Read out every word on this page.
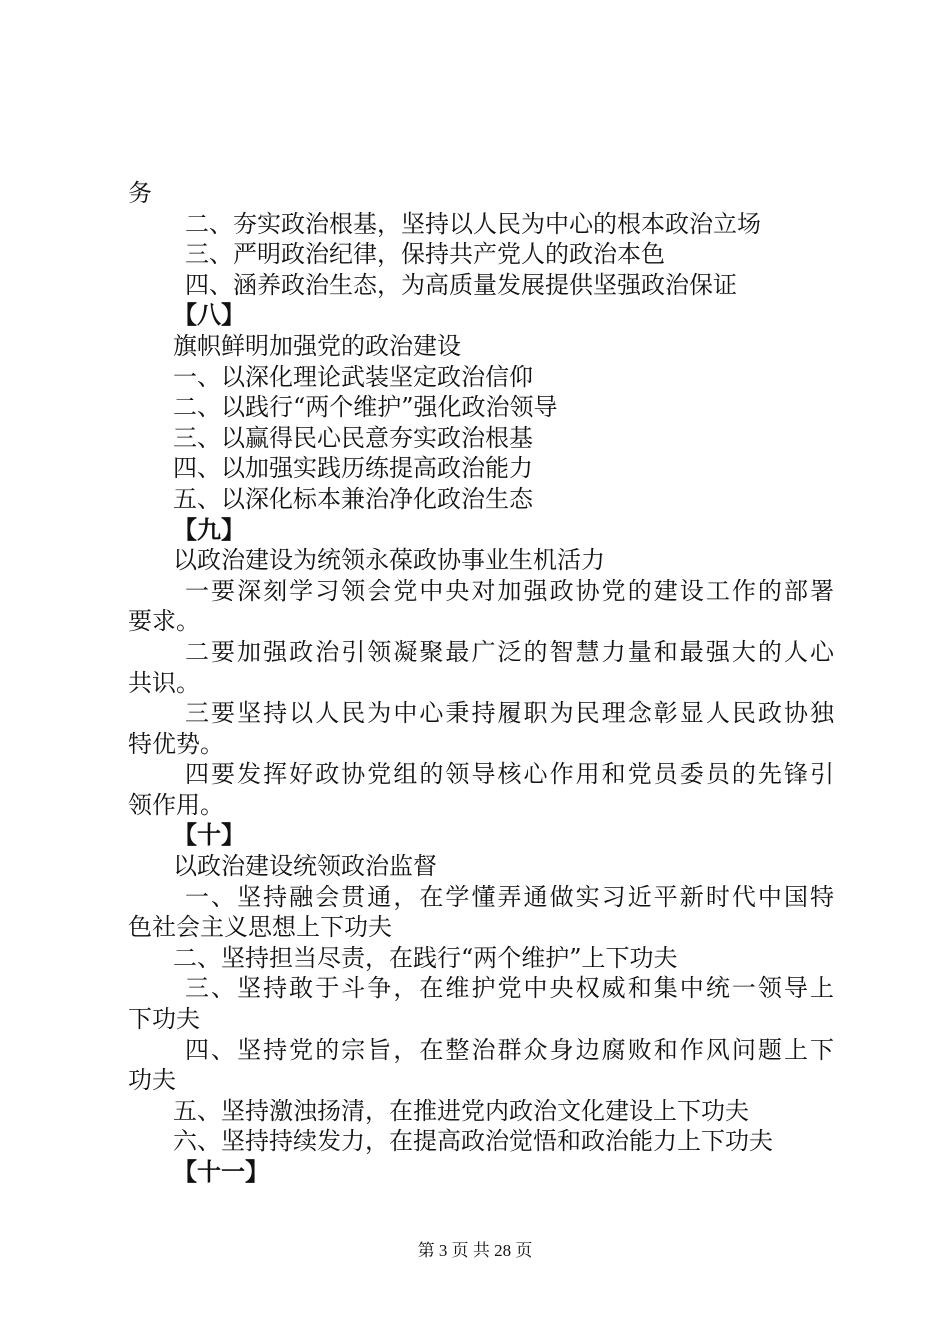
务
二、夯实政治根基，坚持以人民为中心的根本政治立场
三、严明政治纪律，保持共产党人的政治本色
四、涵养政治生态，为高质量发展提供坚强政治保证
【八】
旗帜鲜明加强党的政治建设
一、以深化理论武装坚定政治信仰
二、以践行“两个维护”强化政治领导
三、以赢得民心民意夯实政治根基
四、以加强实践历练提高政治能力
五、以深化标本兼治净化政治生态
【九】
以政治建设为统领永葆政协事业生机活力
一要深刻学习领会党中央对加强政协党的建设工作的部署
要求。
二要加强政治引领凝聚最广泛的智慧力量和最强大的人心
共识。
三要坚持以人民为中心秉持履职为民理念彰显人民政协独
特优势。
四要发挥好政协党组的领导核心作用和党员委员的先锋引
领作用。
【十】
以政治建设统领政治监督
一、坚持融会贯通，在学懂弄通做实习近平新时代中国特
色社会主义思想上下功夫
二、坚持担当尽责，在践行“两个维护”上下功夫
三、坚持敢于斗争，在维护党中央权威和集中统一领导上
下功夫
四、坚持党的宗旨，在整治群众身边腐败和作风问题上下
功夫
五、坚持激浊扬清，在推进党内政治文化建设上下功夫
六、坚持持续发力，在提高政治觉悟和政治能力上下功夫
【十一】
第 3 页 共 28 页
